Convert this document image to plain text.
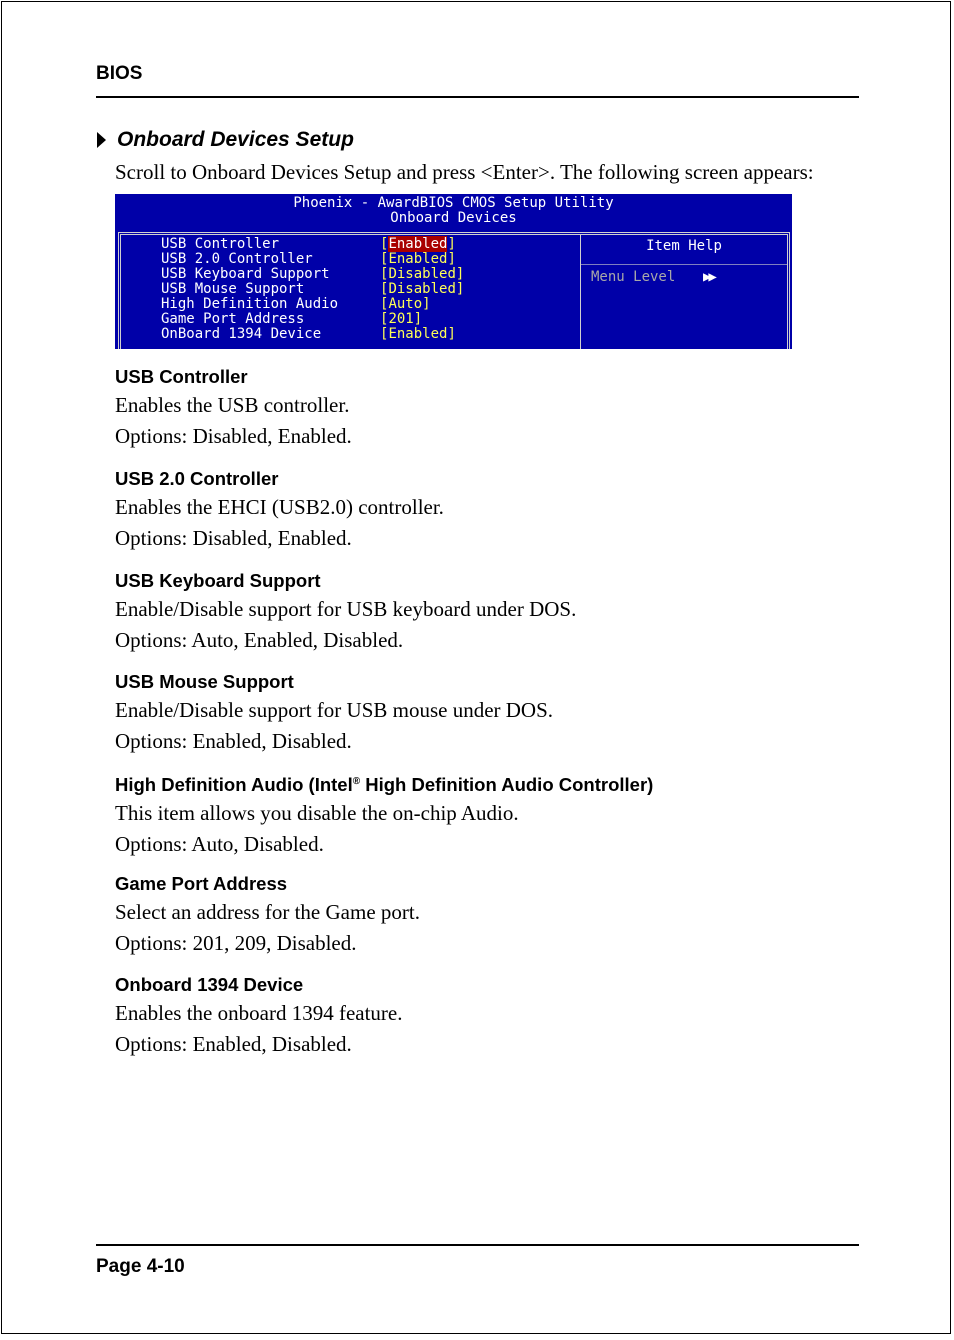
BIOS
Onboard Devices Setup
Scroll to Onboard Devices Setup and press <Enter>. The following screen appears:
Phoenix - AwardBIOS CMOS Setup Utility
Onboard Devices
Item Help
Menu Level ▶▶
USB Controller	[Enabled]
USB 2.0 Controller	[Enabled]
USB Keyboard Support	[Disabled]
USB Mouse Support	[Disabled]
High Definition Audio	[Auto]
Game Port Address	[201]
OnBoard 1394 Device	[Enabled]
USB Controller
Enables the USB controller.
Options: Disabled, Enabled.
USB 2.0 Controller
Enables the EHCI (USB2.0) controller.
Options: Disabled, Enabled.
USB Keyboard Support
Enable/Disable support for USB keyboard under DOS.
Options: Auto, Enabled, Disabled.
USB Mouse Support
Enable/Disable support for USB mouse under DOS.
Options: Enabled, Disabled.
High Definition Audio (Intel® High Definition Audio Controller)
This item allows you disable the on-chip Audio.
Options: Auto, Disabled.
Game Port Address
Select an address for the Game port.
Options: 201, 209, Disabled.
Onboard 1394 Device
Enables the onboard 1394 feature.
Options: Enabled, Disabled.
Page 4-10
